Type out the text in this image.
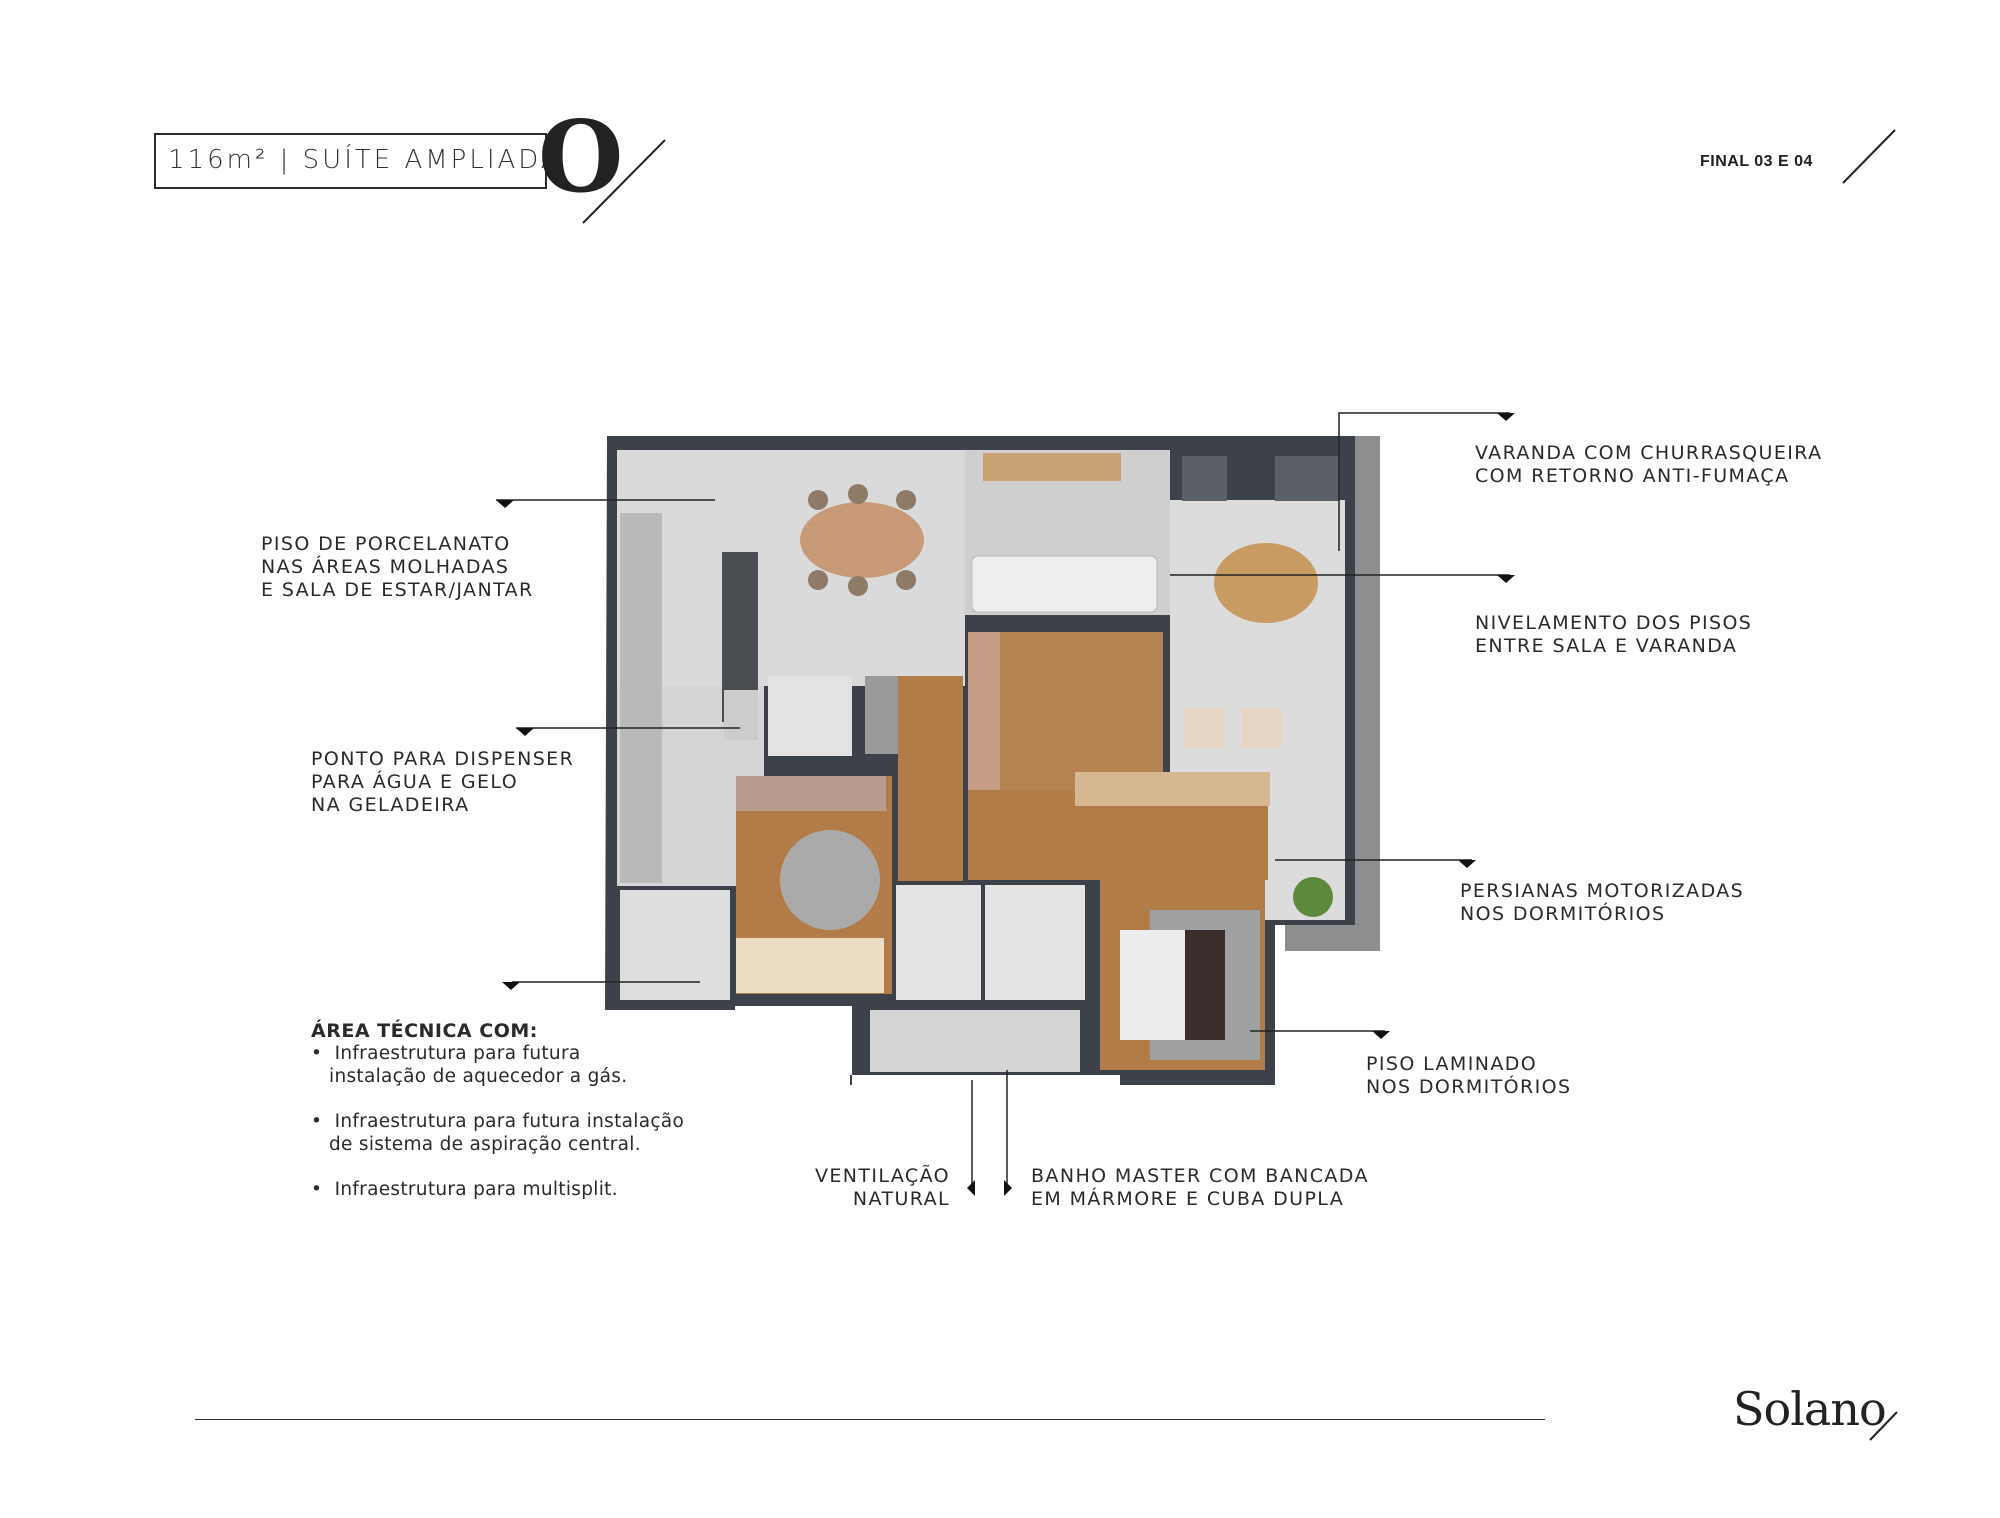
116m² | SUÍTE AMPLIADA
O	FINAL 03 E 04
PISO DE PORCELANATO
NAS ÁREAS MOLHADAS
E SALA DE ESTAR/JANTAR
PONTO PARA DISPENSER
PARA ÁGUA E GELO
NA GELADEIRA
VARANDA COM CHURRASQUEIRA
COM RETORNO ANTI-FUMAÇA
NIVELAMENTO DOS PISOS
ENTRE SALA E VARANDA
PERSIANAS MOTORIZADAS
NOS DORMITÓRIOS
PISO LAMINADO
NOS DORMITÓRIOS
VENTILAÇÃO
NATURAL
BANHO MASTER COM BANCADA
EM MÁRMORE E CUBA DUPLA
ÁREA TÉCNICA COM:
•  Infraestrutura para futura
instalação de aquecedor a gás.
•  Infraestrutura para futura instalação
de sistema de aspiração central.
•  Infraestrutura para multisplit.
Solano
